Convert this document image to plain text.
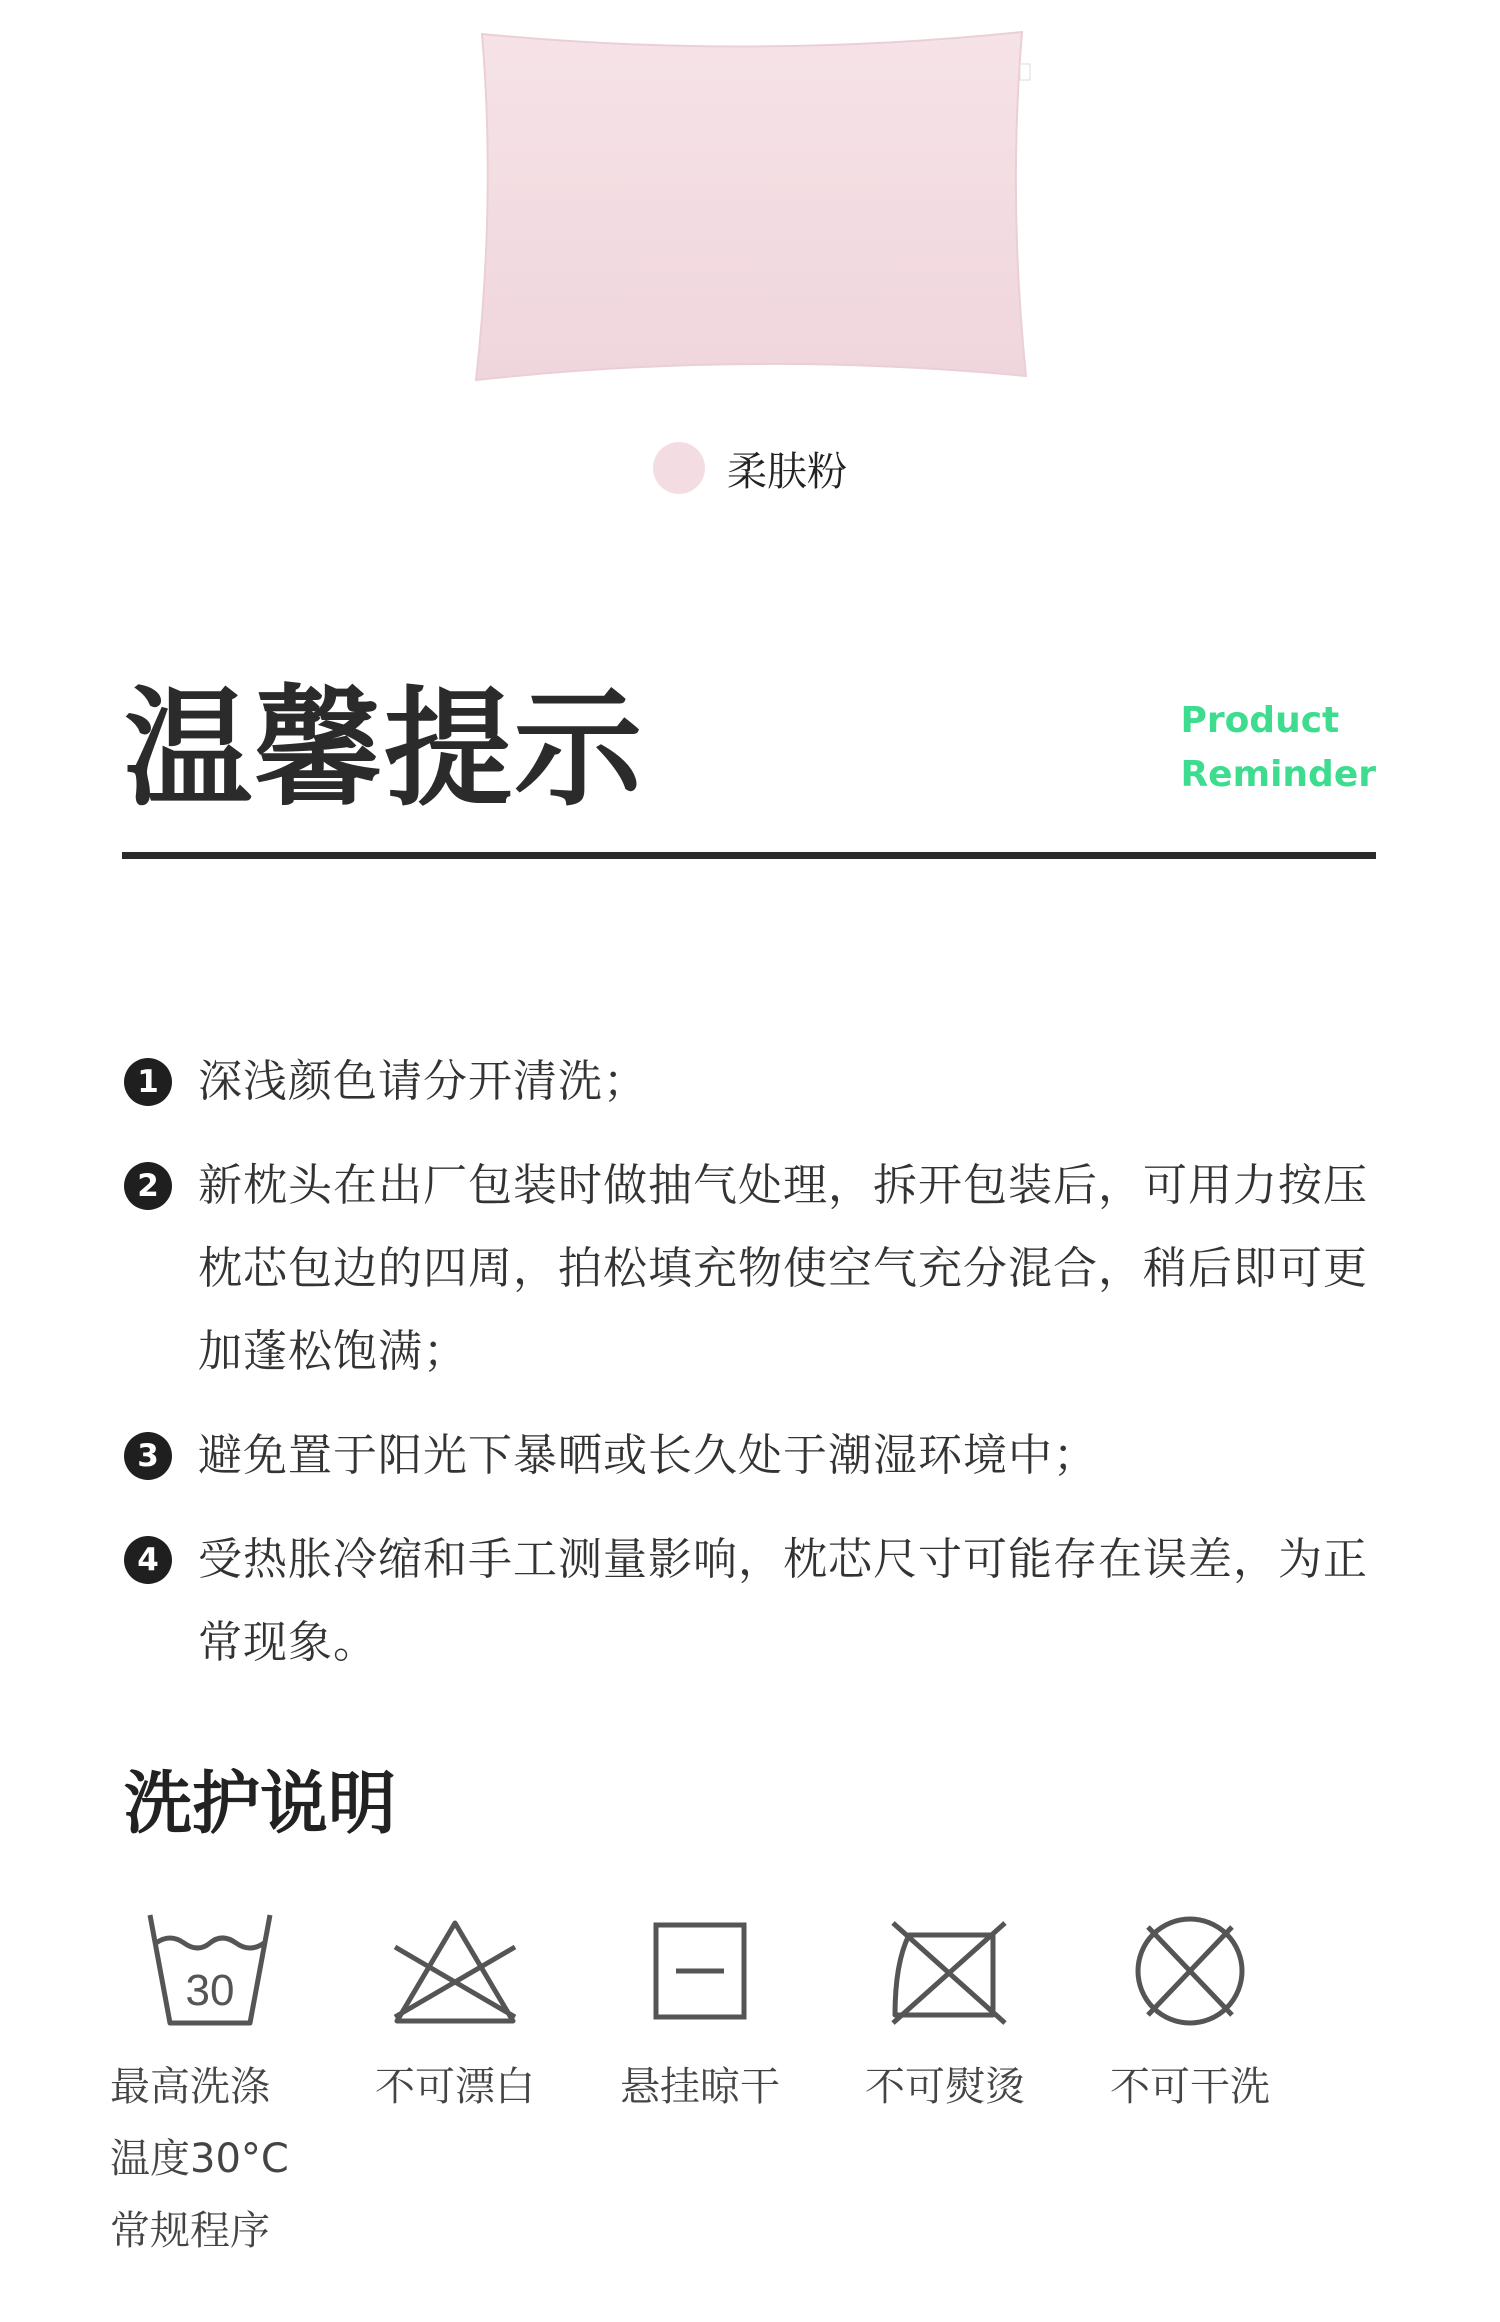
柔肤粉
温馨提示	Product
Reminder
1 深浅颜色请分开清洗；
2 新枕头在出厂包装时做抽气处理，拆开包装后，可用力按压枕芯包边的四周，拍松填充物使空气充分混合，稍后即可更加蓬松饱满；
3 避免置于阳光下暴晒或长久处于潮湿环境中；
4 受热胀冷缩和手工测量影响，枕芯尺寸可能存在误差，为正常现象。
洗护说明
30
最高洗涤
温度30°C
常规程序
不可漂白	悬挂晾干	不可熨烫	不可干洗
